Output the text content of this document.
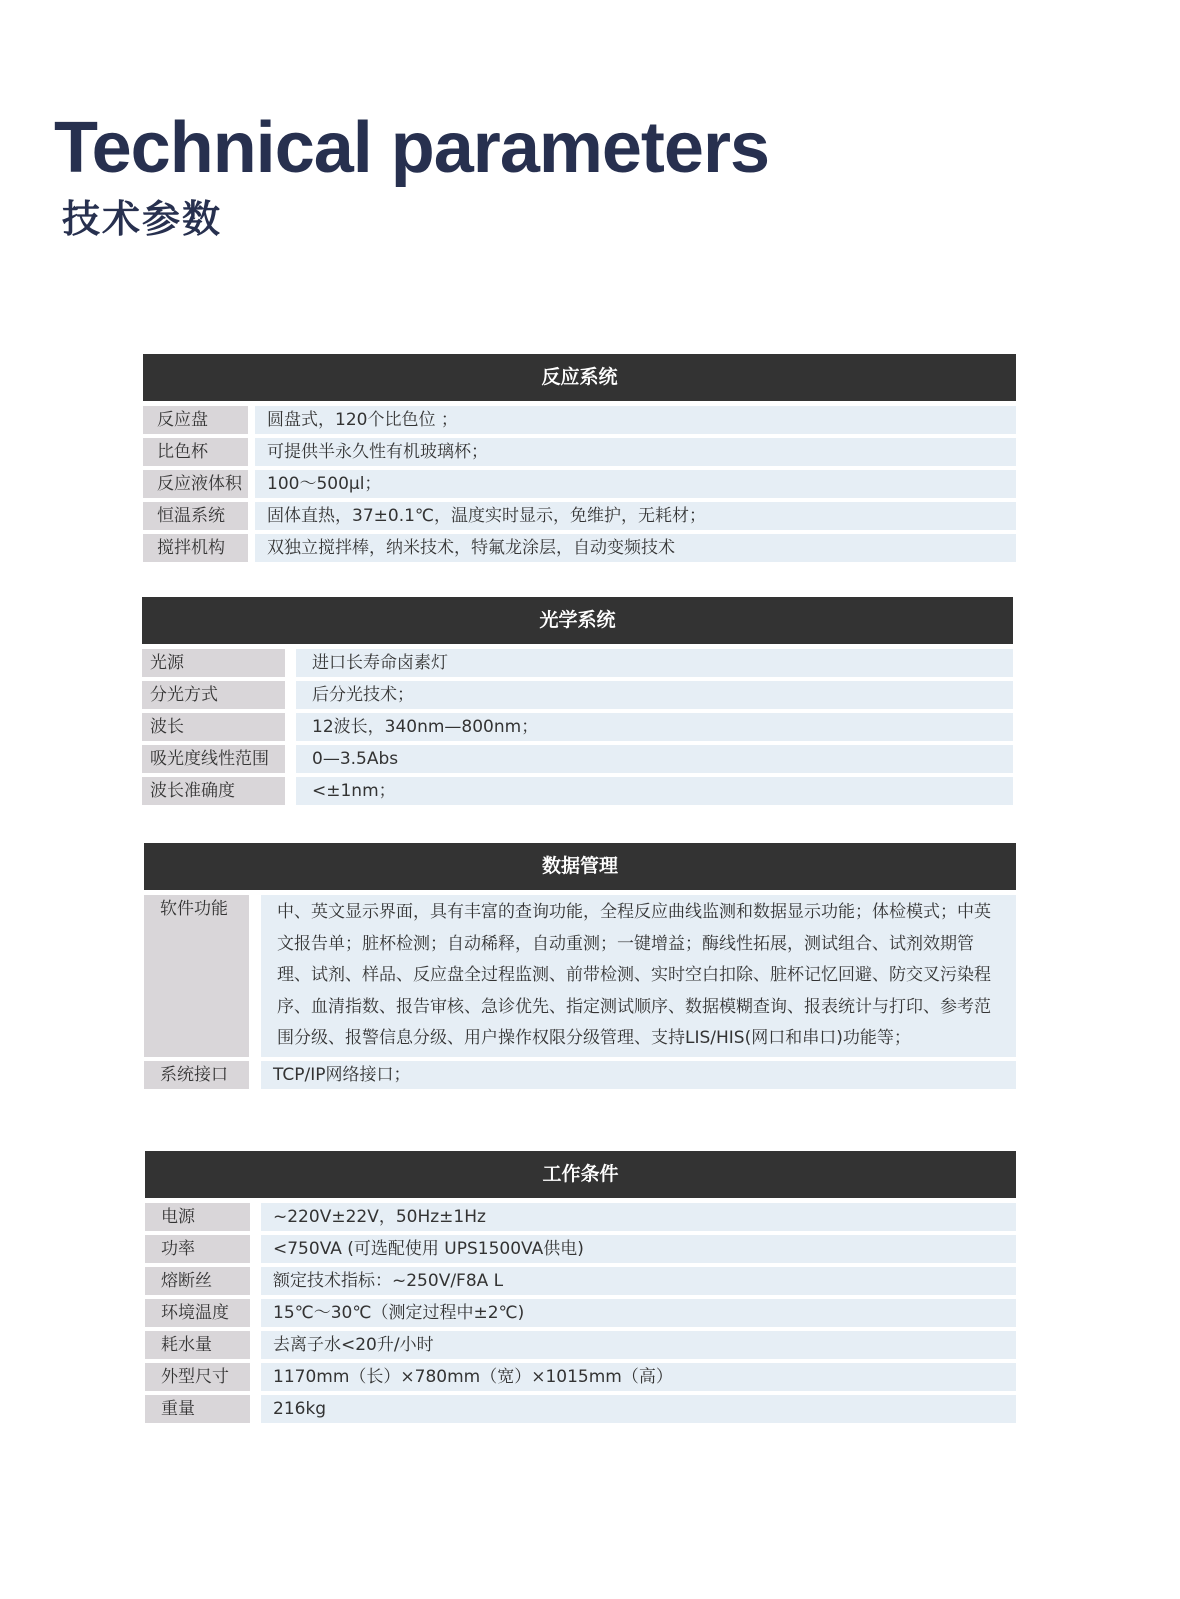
Technical parameters
技术参数
反应系统
反应盘	圆盘式，120个比色位 ；
比色杯	可提供半永久性有机玻璃杯；
反应液体积	100～500μl；
恒温系统	固体直热，37±0.1℃，温度实时显示，免维护，无耗材；
搅拌机构	双独立搅拌棒，纳米技术，特氟龙涂层，自动变频技术
光学系统
光源	进口长寿命卤素灯
分光方式	后分光技术；
波长	12波长，340nm—800nm；
吸光度线性范围	0—3.5Abs
波长准确度	<±1nm；
数据管理
软件功能	中、英文显示界面，具有丰富的查询功能，全程反应曲线监测和数据显示功能；体检模式；中英文报告单；脏杯检测；自动稀释，自动重测；一键增益；酶线性拓展，测试组合、试剂效期管理、试剂、样品、反应盘全过程监测、前带检测、实时空白扣除、脏杯记忆回避、防交叉污染程序、血清指数、报告审核、急诊优先、指定测试顺序、数据模糊查询、报表统计与打印、参考范围分级、报警信息分级、用户操作权限分级管理、支持LIS/HIS(网口和串口)功能等；
系统接口	TCP/IP网络接口；
工作条件
电源	~220V±22V，50Hz±1Hz
功率	<750VA (可选配使用 UPS1500VA供电)
熔断丝	额定技术指标：~250V/F8A L
环境温度	15℃～30℃（测定过程中±2℃)
耗水量	去离子水<20升/小时
外型尺寸	1170mm（长）×780mm（宽）×1015mm（高）
重量	216kg
